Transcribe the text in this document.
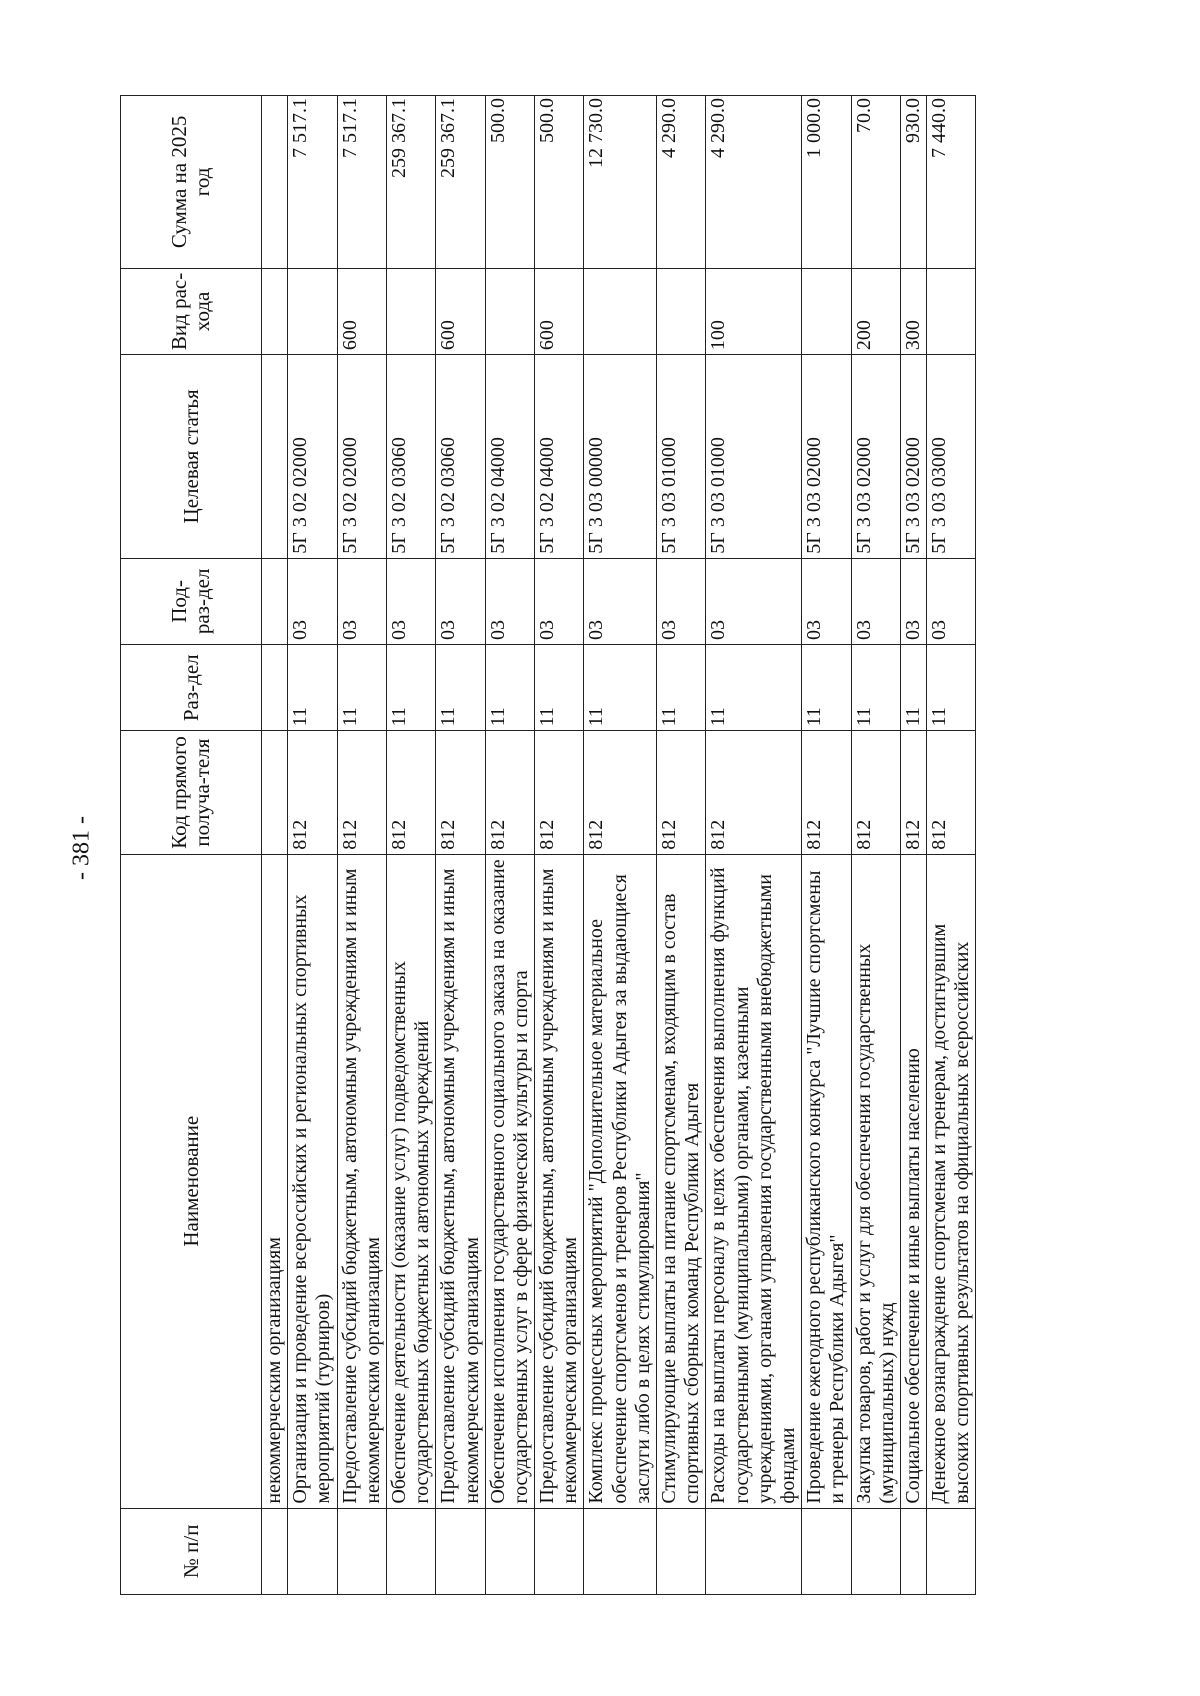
- 381 -
№ п/п	Наименование	Код прямого получа-теля	Раз-дел	Под-раз-дел	Целевая статья	Вид рас-хода	Сумма на 2025 год
	некоммерческим организациям						
	Организация и проведение всероссийских и региональных спортивных мероприятий (турниров)	812	11	03	5Г 3 02 02000		7 517.1
	Предоставление субсидий бюджетным, автономным учреждениям и иным некоммерческим организациям	812	11	03	5Г 3 02 02000	600	7 517.1
	Обеспечение деятельности (оказание услуг) подведомственных государственных бюджетных и автономных учреждений	812	11	03	5Г 3 02 03060		259 367.1
	Предоставление субсидий бюджетным, автономным учреждениям и иным некоммерческим организациям	812	11	03	5Г 3 02 03060	600	259 367.1
	Обеспечение исполнения государственного социального заказа на оказание государственных услуг в сфере физической культуры и спорта	812	11	03	5Г 3 02 04000		500.0
	Предоставление субсидий бюджетным, автономным учреждениям и иным некоммерческим организациям	812	11	03	5Г 3 02 04000	600	500.0
	Комплекс процессных мероприятий "Дополнительное материальное обеспечение спортсменов и тренеров Республики Адыгея за выдающиеся заслуги либо в целях стимулирования"	812	11	03	5Г 3 03 00000		12 730.0
	Стимулирующие выплаты на питание спортсменам, входящим в состав спортивных сборных команд Республики Адыгея	812	11	03	5Г 3 03 01000		4 290.0
	Расходы на выплаты персоналу в целях обеспечения выполнения функций государственными (муниципальными) органами, казенными учреждениями, органами управления государственными внебюджетными фондами	812	11	03	5Г 3 03 01000	100	4 290.0
	Проведение ежегодного республиканского конкурса "Лучшие спортсмены и тренеры Республики Адыгея"	812	11	03	5Г 3 03 02000		1 000.0
	Закупка товаров, работ и услуг для обеспечения государственных (муниципальных) нужд	812	11	03	5Г 3 03 02000	200	70.0
	Социальное обеспечение и иные выплаты населению	812	11	03	5Г 3 03 02000	300	930.0
	Денежное вознаграждение спортсменам и тренерам, достигнувшим высоких спортивных результатов на официальных всероссийских	812	11	03	5Г 3 03 03000		7 440.0
